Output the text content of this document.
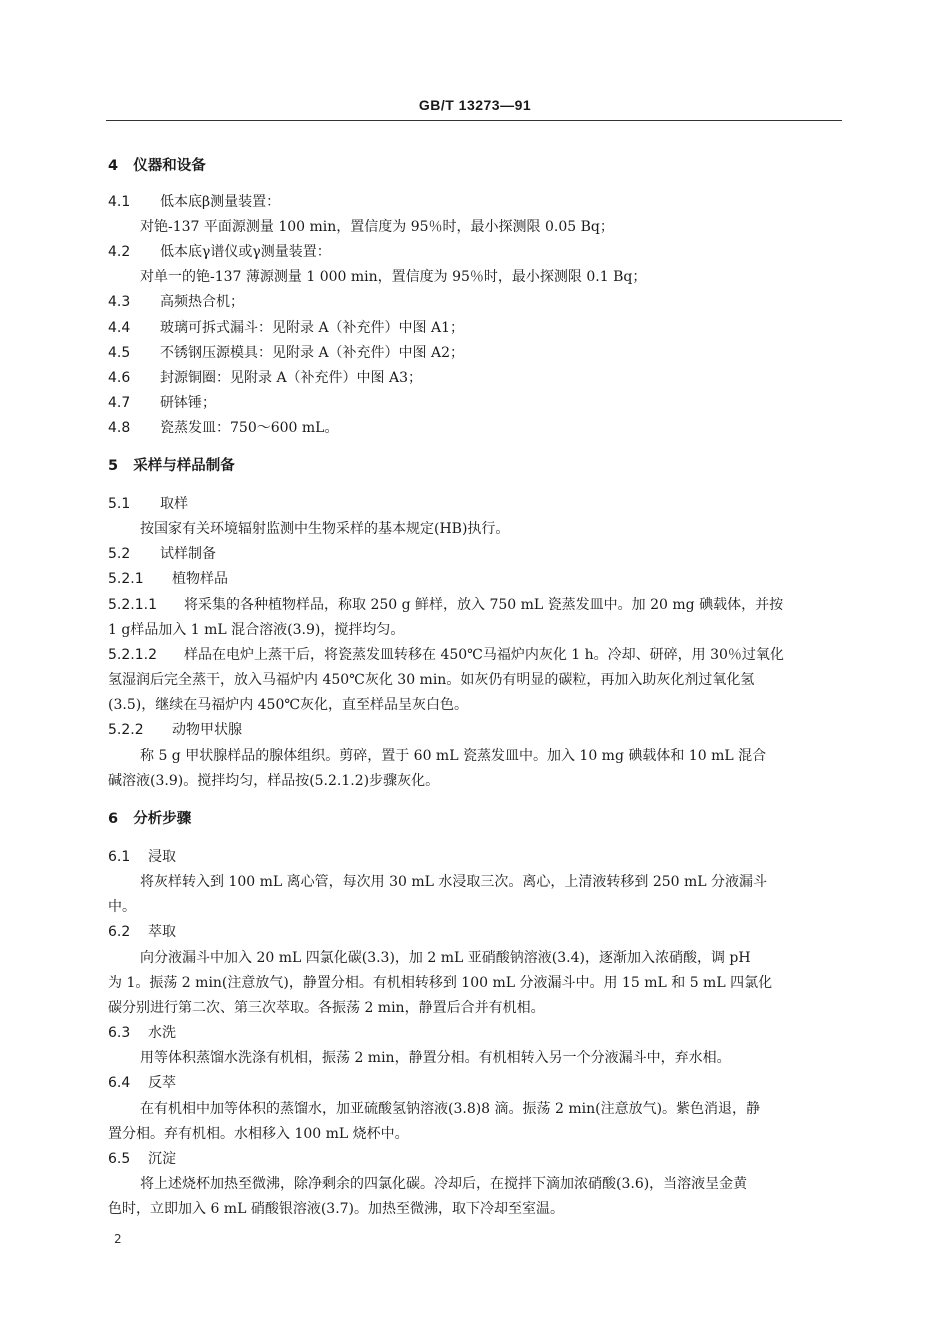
GB/T 13273—91
4 仪器和设备
4.1 低本底β测量装置：
对铯-137 平面源测量 100 min，置信度为 95％时，最小探测限 0.05 Bq；
4.2 低本底γ谱仪或γ测量装置：
对单一的铯-137 薄源测量 1 000 min，置信度为 95％时，最小探测限 0.1 Bq；
4.3 高频热合机；
4.4 玻璃可拆式漏斗：见附录 A（补充件）中图 A1；
4.5 不锈钢压源模具：见附录 A（补充件）中图 A2；
4.6 封源铜圈：见附录 A（补充件）中图 A3；
4.7 研钵锤；
4.8 瓷蒸发皿：750～600 mL。
5 采样与样品制备
5.1 取样
按国家有关环境辐射监测中生物采样的基本规定(HB)执行。
5.2 试样制备
5.2.1 植物样品
5.2.1.1 将采集的各种植物样品，称取 250 g 鲜样，放入 750 mL 瓷蒸发皿中。加 20 mg 碘载体，并按
1 g样品加入 1 mL 混合溶液(3.9)，搅拌均匀。
5.2.1.2 样品在电炉上蒸干后，将瓷蒸发皿转移在 450℃马福炉内灰化 1 h。冷却、研碎，用 30％过氧化
氢湿润后完全蒸干，放入马福炉内 450℃灰化 30 min。如灰仍有明显的碳粒，再加入助灰化剂过氧化氢
(3.5)，继续在马福炉内 450℃灰化，直至样品呈灰白色。
5.2.2 动物甲状腺
称 5 g 甲状腺样品的腺体组织。剪碎，置于 60 mL 瓷蒸发皿中。加入 10 mg 碘载体和 10 mL 混合
碱溶液(3.9)。搅拌均匀，样品按(5.2.1.2)步骤灰化。
6 分析步骤
6.1 浸取
将灰样转入到 100 mL 离心管，每次用 30 mL 水浸取三次。离心，上清液转移到 250 mL 分液漏斗
中。
6.2 萃取
向分液漏斗中加入 20 mL 四氯化碳(3.3)，加 2 mL 亚硝酸钠溶液(3.4)，逐渐加入浓硝酸，调 pH
为 1。振荡 2 min(注意放气)，静置分相。有机相转移到 100 mL 分液漏斗中。用 15 mL 和 5 mL 四氯化
碳分别进行第二次、第三次萃取。各振荡 2 min，静置后合并有机相。
6.3 水洗
用等体积蒸馏水洗涤有机相，振荡 2 min，静置分相。有机相转入另一个分液漏斗中，弃水相。
6.4 反萃
在有机相中加等体积的蒸馏水，加亚硫酸氢钠溶液(3.8)8 滴。振荡 2 min(注意放气)。紫色消退，静
置分相。弃有机相。水相移入 100 mL 烧杯中。
6.5 沉淀
将上述烧杯加热至微沸，除净剩余的四氯化碳。冷却后，在搅拌下滴加浓硝酸(3.6)，当溶液呈金黄
色时，立即加入 6 mL 硝酸银溶液(3.7)。加热至微沸，取下冷却至室温。
2
